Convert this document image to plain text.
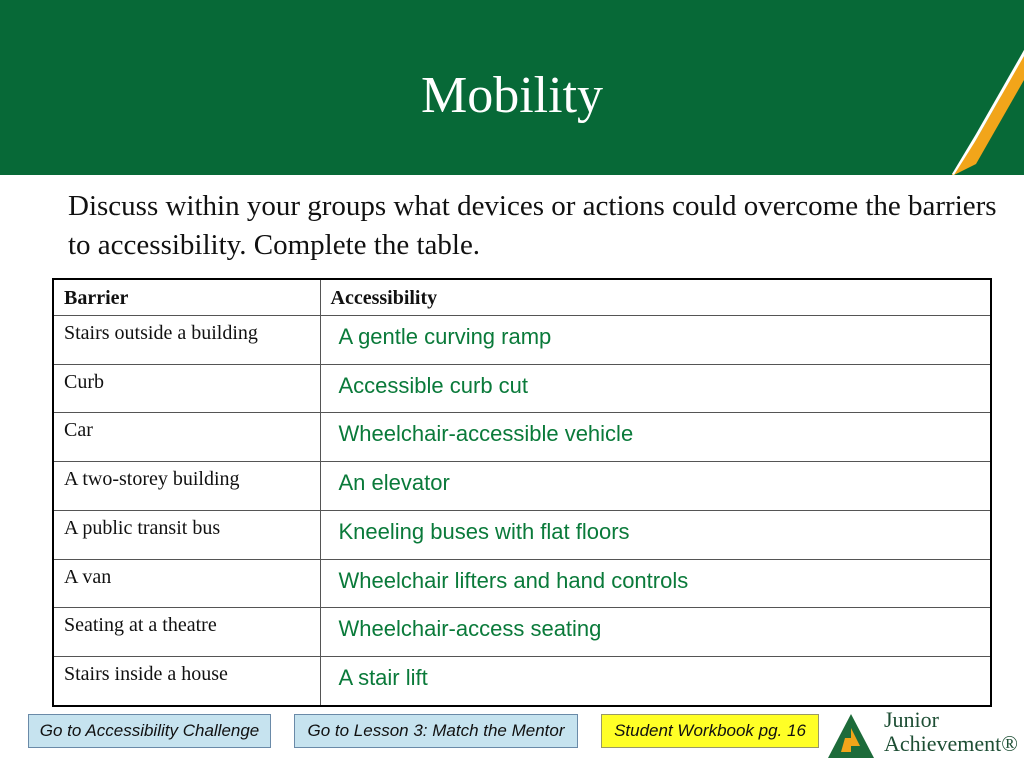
Mobility
Discuss within your groups what devices or actions could overcome the barriers to accessibility. Complete the table.
Barrier	Accessibility
Stairs outside a building	A gentle curving ramp
Curb	Accessible curb cut
Car	Wheelchair-accessible vehicle
A two-storey building	An elevator
A public transit bus	Kneeling buses with flat floors
A van	Wheelchair lifters and hand controls
Seating at a theatre	Wheelchair-access seating
Stairs inside a house	A stair lift
Go to Accessibility Challenge	Go to Lesson 3: Match the Mentor	Student Workbook pg. 16	Junior
Achievement®
